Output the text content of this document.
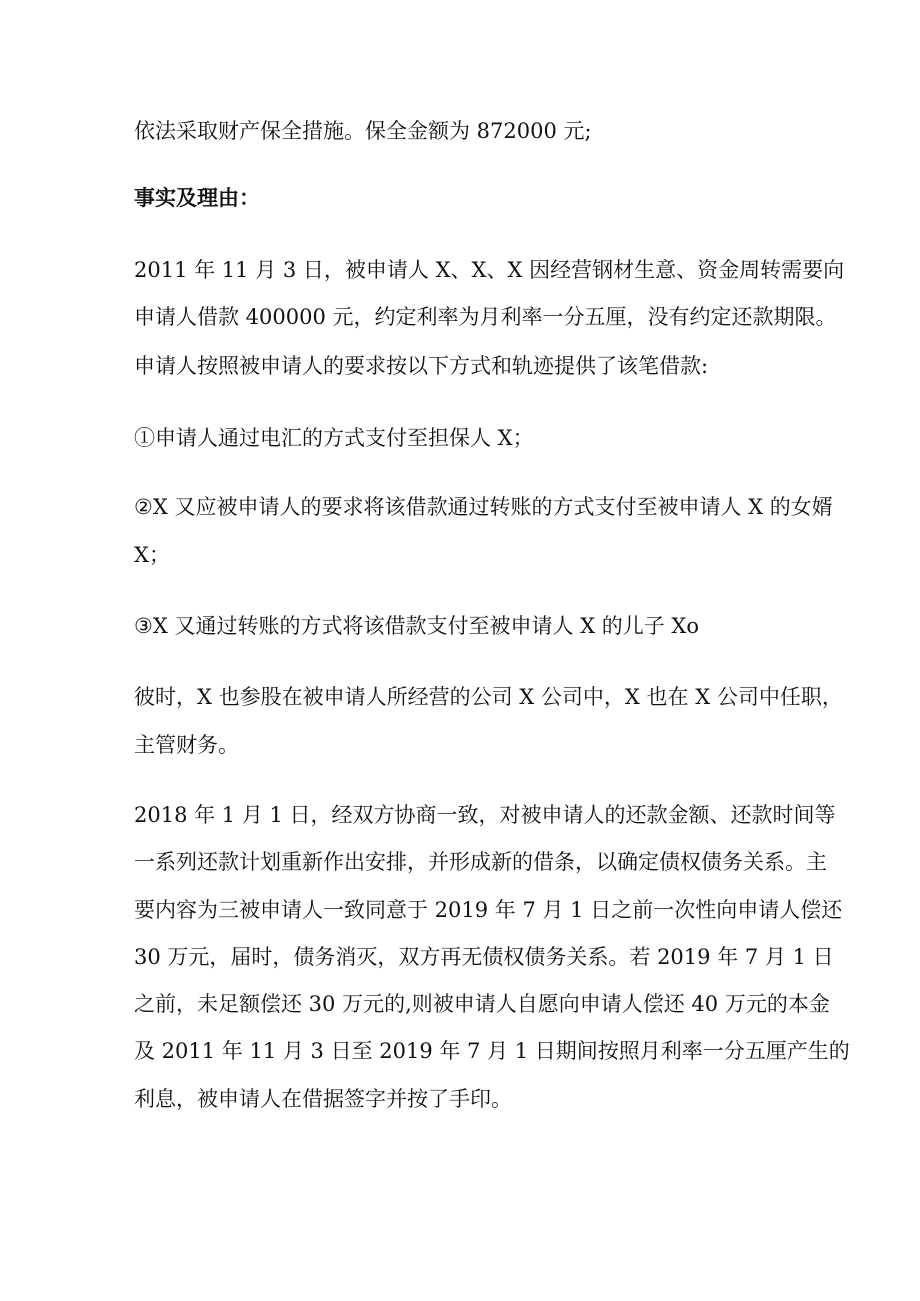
依法采取财产保全措施。保全金额为 872000 元;
事实及理由：
2011 年 11 月 3 日，被申请人 X、X、X 因经营钢材生意、资金周转需要向
申请人借款 400000 元，约定利率为月利率一分五厘，没有约定还款期限。
申请人按照被申请人的要求按以下方式和轨迹提供了该笔借款:
①申请人通过电汇的方式支付至担保人 X；
②X 又应被申请人的要求将该借款通过转账的方式支付至被申请人 X 的女婿
X；
③X 又通过转账的方式将该借款支付至被申请人 X 的儿子 Xo
彼时，X 也参股在被申请人所经营的公司 X 公司中，X 也在 X 公司中任职，
主管财务。
2018 年 1 月 1 日，经双方协商一致，对被申请人的还款金额、还款时间等
一系列还款计划重新作出安排，并形成新的借条，以确定债权债务关系。主
要内容为三被申请人一致同意于 2019 年 7 月 1 日之前一次性向申请人偿还
30 万元，届时，债务消灭，双方再无债权债务关系。若 2019 年 7 月 1 日
之前，未足额偿还 30 万元的,则被申请人自愿向申请人偿还 40 万元的本金
及 2011 年 11 月 3 日至 2019 年 7 月 1 日期间按照月利率一分五厘产生的
利息，被申请人在借据签字并按了手印。
